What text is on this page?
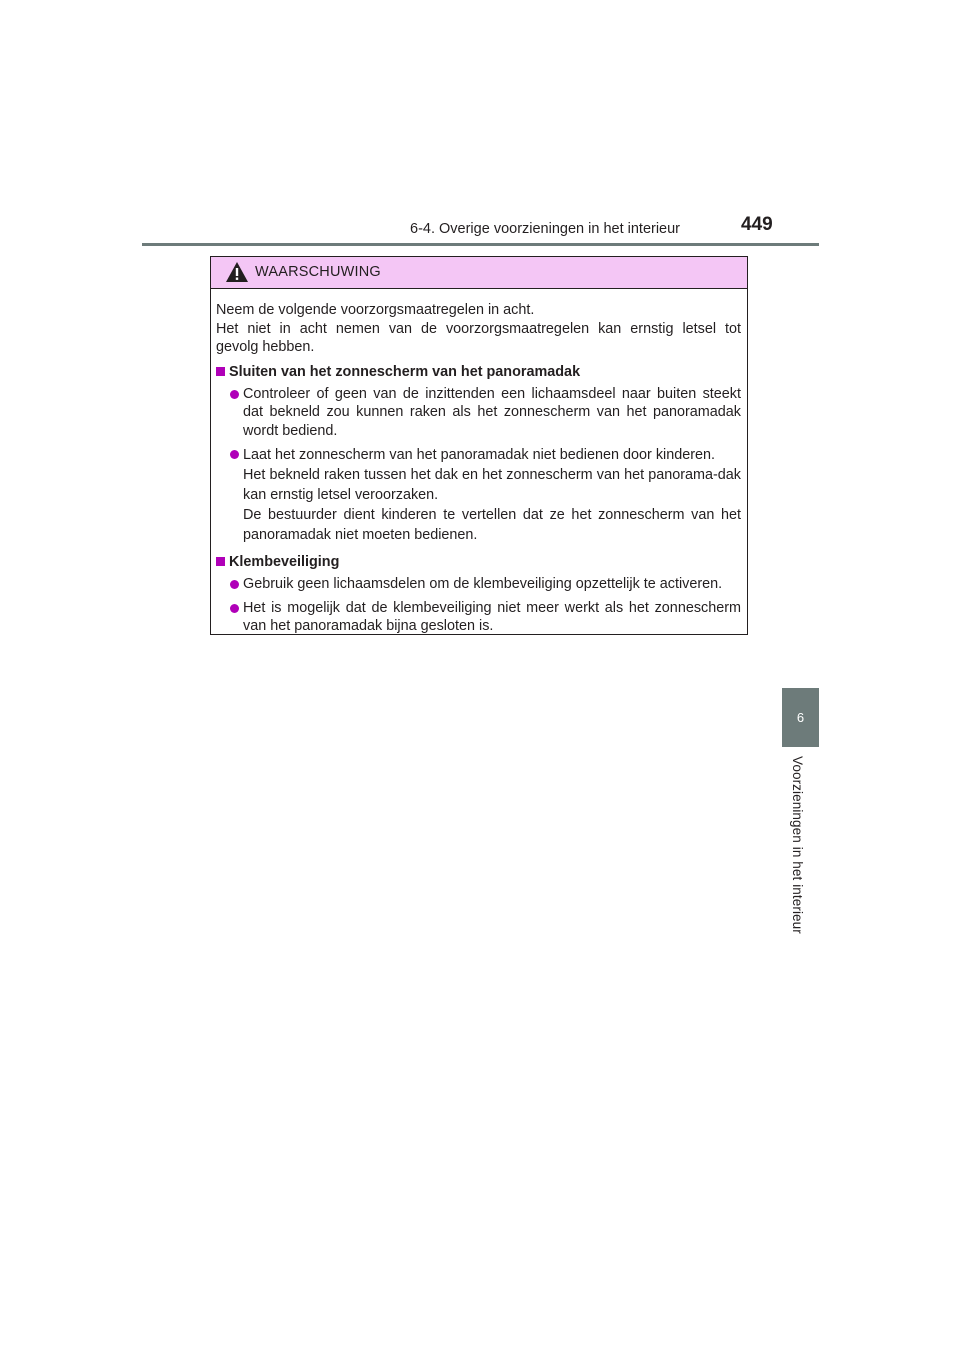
6-4. Overige voorzieningen in het interieur	449
6
Voorzieningen in het interieur
WAARSCHUWING

Neem de volgende voorzorgsmaatregelen in acht.

Het niet in acht nemen van de voorzorgsmaatregelen kan ernstig letsel tot

gevolg hebben.

Sluiten van het zonnescherm van het panoramadak

Controleer of geen van de inzittenden een lichaamsdeel naar buiten steekt dat bekneld zou kunnen raken als het zonnescherm van het panoramadak wordt bediend.

Laat het zonnescherm van het panoramadak niet bedienen door kinderen.

Het bekneld raken tussen het dak en het zonnescherm van het panorama-dak kan ernstig letsel veroorzaken.

De bestuurder dient kinderen te vertellen dat ze het zonnescherm van het panoramadak niet moeten bedienen.

Klembeveiliging

Gebruik geen lichaamsdelen om de klembeveiliging opzettelijk te activeren.

Het is mogelijk dat de klembeveiliging niet meer werkt als het zonnescherm van het panoramadak bijna gesloten is.
